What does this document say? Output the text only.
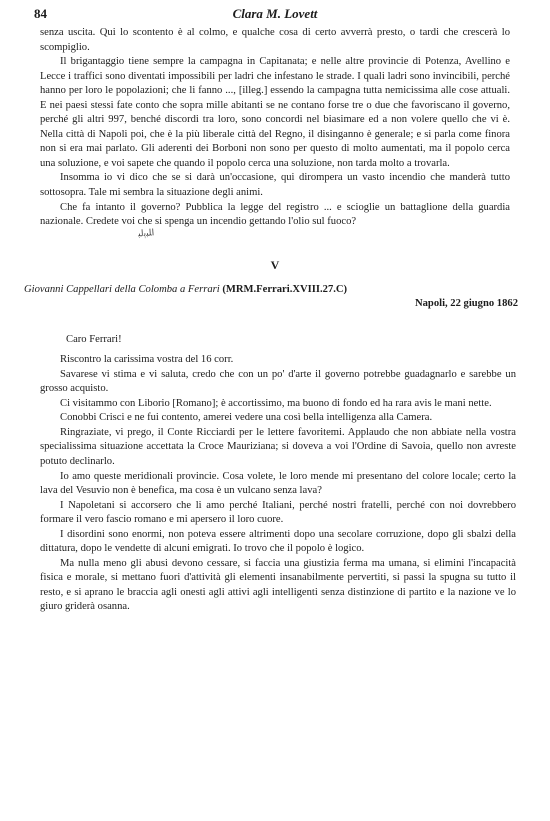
84	Clara M. Lovett

senza uscita. Qui lo scontento è al colmo, e qualche cosa di certo avverrà presto, o tardi che crescerà lo scompiglio.

Il brigantaggio tiene sempre la campagna in Capitanata; e nelle altre provincie di Potenza, Avellino e Lecce i traffici sono diventati impossibili per ladri che infestano le strade. I quali ladri sono invincibili, perché hanno per loro le popolazioni; che li fanno ..., [illeg.] essendo la campagna tutta nemicissima alle cose attuali. E nei paesi stessi fate conto che sopra mille abitanti se ne contano forse tre o due che favoriscano il governo, perché gli altri 997, benché discordi tra loro, sono concordi nel biasimare ed a non volere quello che vi è. Nella città di Napoli poi, che è la più liberale città del Regno, il disinganno è generale; e si parla come finora non si era mai parlato. Gli aderenti dei Borboni non sono per questo di molto aumentati, ma il popolo cerca una soluzione, e voi sapete che quando il popolo cerca una soluzione, non tarda molto a trovarla.

Insomma io vi dico che se si darà un'occasione, qui dirompera un vasto incendio che manderà tutto sottosopra. Tale mi sembra la situazione degli animi.

Che fa intanto il governo? Pubblica la legge del registro ... e scioglie un battaglione della guardia nazionale. Credete voi che si spenga un incendio gettando l'olio sul fuoco?

ﺍﻠﺒﯦﻟﺒ
V
Giovanni Cappellari della Colomba a Ferrari (MRM.Ferrari.XVIII.27.C)
Napoli, 22 giugno 1862
Caro Ferrari!

Riscontro la carissima vostra del 16 corr.

Savarese vi stima e vi saluta, credo che con un po' d'arte il governo potrebbe guadagnarlo e sarebbe un grosso acquisto.

Ci visitammo con Liborio [Romano]; è accortissimo, ma buono di fondo ed ha rara avis le mani nette.

Conobbi Crisci e ne fui contento, amerei vedere una così bella intelligenza alla Camera.

Ringraziate, vi prego, il Conte Ricciardi per le lettere favoritemi. Applaudo che non abbiate nella vostra specialissima situazione accettata la Croce Mauriziana; si doveva a voi l'Ordine di Savoia, quello non avreste potuto declinarlo.

Io amo queste meridionali provincie. Cosa volete, le loro mende mi presentano del colore locale; certo la lava del Vesuvio non è benefica, ma cosa è un vulcano senza lava?

I Napoletani si accorsero che li amo perché Italiani, perché nostri fratelli, perché con noi dovrebbero formare il vero fascio romano e mi apersero il loro cuore.

I disordini sono enormi, non poteva essere altrimenti dopo una secolare corruzione, dopo gli sbalzi della dittatura, dopo le vendette di alcuni emigrati. Io trovo che il popolo è logico.

Ma nulla meno gli abusi devono cessare, si faccia una giustizia ferma ma umana, si elimini l'incapacità fisica e morale, si mettano fuori d'attività gli elementi insanabilmente pervertiti, si passi la spugna su tutto il resto, e si aprano le braccia agli onesti agli attivi agli intelligenti senza distinzione di partito e la nazione ve lo giuro griderà osanna.
